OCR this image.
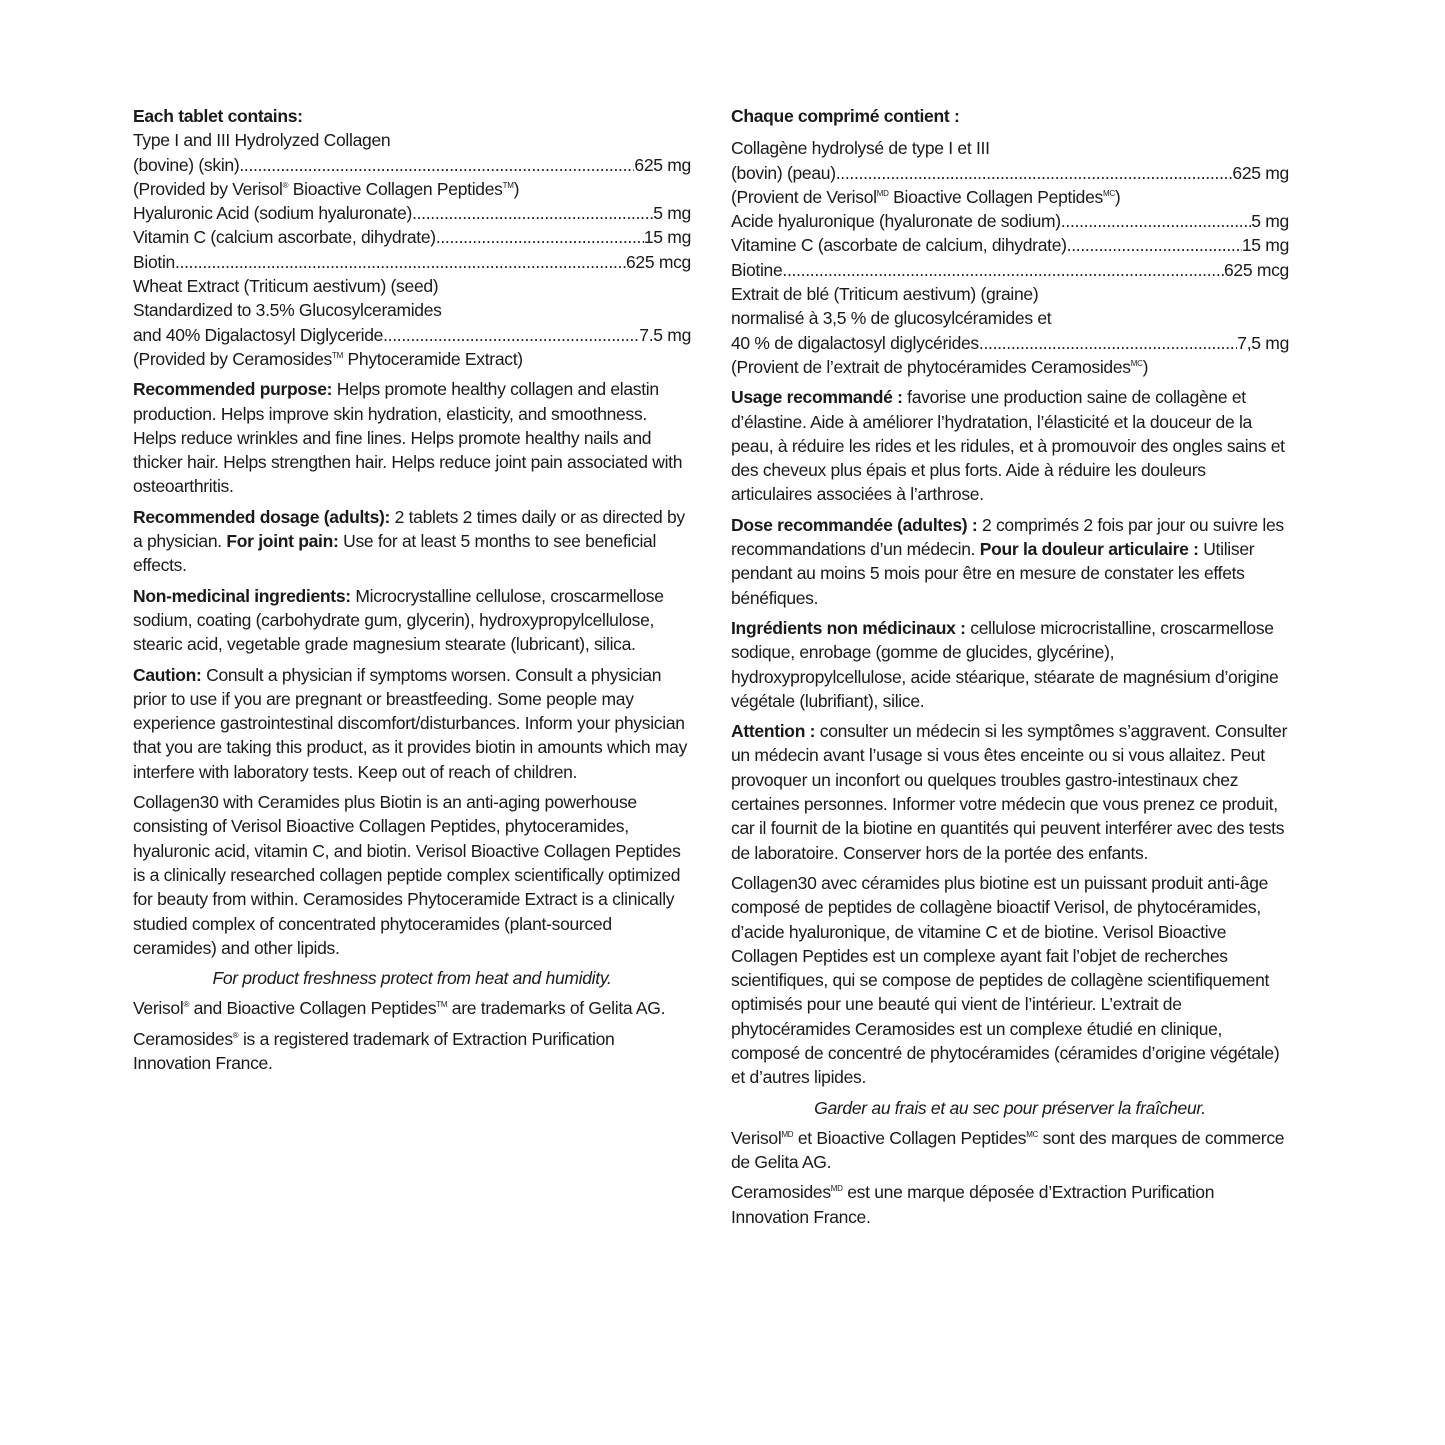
Each tablet contains:
Type I and III Hydrolyzed Collagen
(bovine) (skin) .....	625 mg
(Provided by Verisol® Bioactive Collagen Peptides™)
Hyaluronic Acid (sodium hyaluronate) .....	5 mg
Vitamin C (calcium ascorbate, dihydrate) .....	15 mg
Biotin .....	625 mcg
Wheat Extract (Triticum aestivum) (seed)
Standardized to 3.5% Glucosylceramides
and 40% Digalactosyl Diglyceride .....	7.5 mg
(Provided by Ceramosides™ Phytoceramide Extract)

Recommended purpose: Helps promote healthy collagen and elastin production. Helps improve skin hydration, elasticity, and smoothness. Helps reduce wrinkles and fine lines. Helps promote healthy nails and thicker hair. Helps strengthen hair. Helps reduce joint pain associated with osteoarthritis.

Recommended dosage (adults): 2 tablets 2 times daily or as directed by a physician. For joint pain: Use for at least 5 months to see beneficial effects.

Non-medicinal ingredients: Microcrystalline cellulose, croscarmellose sodium, coating (carbohydrate gum, glycerin), hydroxypropylcellulose, stearic acid, vegetable grade magnesium stearate (lubricant), silica.

Caution: Consult a physician if symptoms worsen. Consult a physician prior to use if you are pregnant or breastfeeding. Some people may experience gastrointestinal discomfort/disturbances. Inform your physician that you are taking this product, as it provides biotin in amounts which may interfere with laboratory tests. Keep out of reach of children.

Collagen30 with Ceramides plus Biotin is an anti-aging powerhouse consisting of Verisol Bioactive Collagen Peptides, phytoceramides, hyaluronic acid, vitamin C, and biotin. Verisol Bioactive Collagen Peptides is a clinically researched collagen peptide complex scientifically optimized for beauty from within. Ceramosides Phytoceramide Extract is a clinically studied complex of concentrated phytoceramides (plant-sourced ceramides) and other lipids.

For product freshness protect from heat and humidity.

Verisol® and Bioactive Collagen Peptides™ are trademarks of Gelita AG.

Ceramosides® is a registered trademark of Extraction Purification Innovation France.

Chaque comprimé contient :
Collagène hydrolysé de type I et III
(bovin) (peau) .....	625 mg
(Provient de Verisol$^{MD}$ Bioactive Collagen Peptides$^{MC}$)
Acide hyaluronique (hyaluronate de sodium) .....	5 mg
Vitamine C (ascorbate de calcium, dihydrate) .....	15 mg
Biotine .....	625 mcg
Extrait de blé (Triticum aestivum) (graine)
normalisé à 3,5 % de glucosylcéramides et
40 % de digalactosyl diglycérides .....	7,5 mg
(Provient de l’extrait de phytocéramides Ceramosides$^{MC}$)

Usage recommandé : favorise une production saine de collagène et d’élastine. Aide à améliorer l’hydratation, l’élasticité et la douceur de la peau, à réduire les rides et les ridules, et à promouvoir des ongles sains et des cheveux plus épais et plus forts. Aide à réduire les douleurs articulaires associées à l’arthrose.

Dose recommandée (adultes) : 2 comprimés 2 fois par jour ou suivre les recommandations d’un médecin. Pour la douleur articulaire : Utiliser pendant au moins 5 mois pour être en mesure de constater les effets bénéfiques.

Ingrédients non médicinaux : cellulose microcristalline, croscarmellose sodique, enrobage (gomme de glucides, glycérine), hydroxypropylcellulose, acide stéarique, stéarate de magnésium d’origine végétale (lubrifiant), silice.

Attention : consulter un médecin si les symptômes s’aggravent. Consulter un médecin avant l’usage si vous êtes enceinte ou si vous allaitez. Peut provoquer un inconfort ou quelques troubles gastro-intestinaux chez certaines personnes. Informer votre médecin que vous prenez ce produit, car il fournit de la biotine en quantités qui peuvent interférer avec des tests de laboratoire. Conserver hors de la portée des enfants.

Collagen30 avec céramides plus biotine est un puissant produit anti-âge composé de peptides de collagène bioactif Verisol, de phytocéramides, d’acide hyaluronique, de vitamine C et de biotine. Verisol Bioactive Collagen Peptides est un complexe ayant fait l’objet de recherches scientifiques, qui se compose de peptides de collagène scientifiquement optimisés pour une beauté qui vient de l’intérieur. L’extrait de phytocéramides Ceramosides est un complexe étudié en clinique, composé de concentré de phytocéramides (céramides d’origine végétale) et d’autres lipides.

Garder au frais et au sec pour préserver la fraîcheur.

Verisol$^{MD}$ et Bioactive Collagen Peptides$^{MC}$ sont des marques de commerce de Gelita AG.

Ceramosides$^{MD}$ est une marque déposée d’Extraction Purification Innovation France.
